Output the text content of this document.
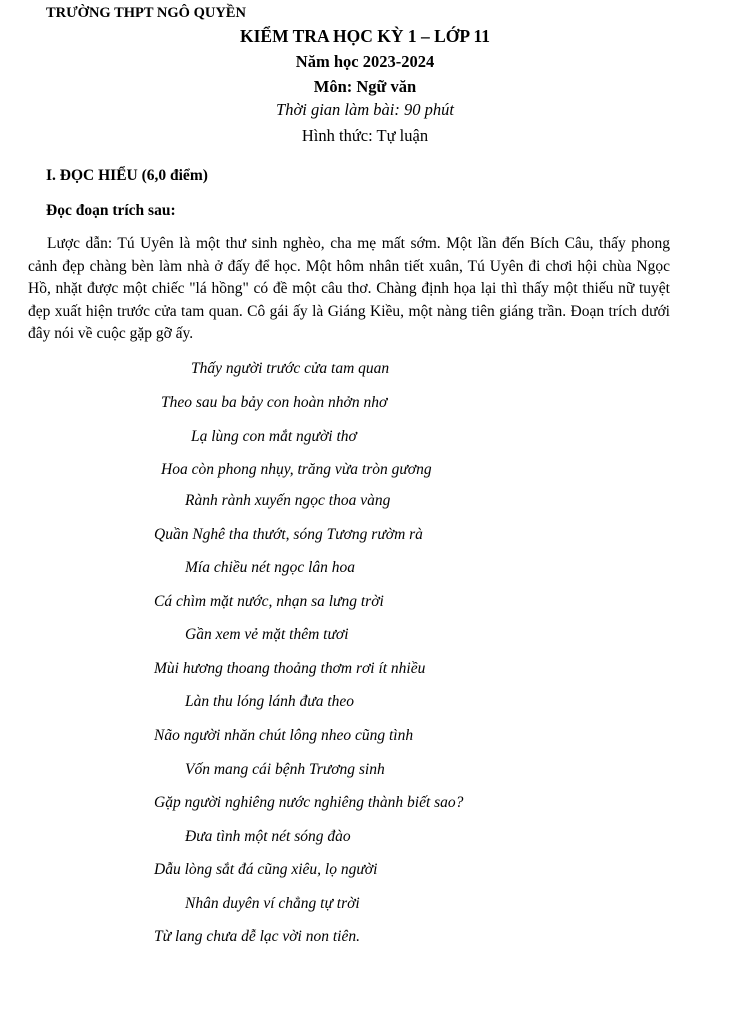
TRƯỜNG THPT NGÔ QUYỀN
KIỂM TRA HỌC KỲ 1 – LỚP 11
Năm học 2023-2024
Môn: Ngữ văn
Thời gian làm bài: 90 phút
Hình thức: Tự luận
I. ĐỌC HIỂU (6,0 điểm)
Đọc đoạn trích sau:
Lược dẫn: Tú Uyên là một thư sinh nghèo, cha mẹ mất sớm. Một lần đến Bích Câu, thấy phong cảnh đẹp chàng bèn làm nhà ở đấy để học. Một hôm nhân tiết xuân, Tú Uyên đi chơi hội chùa Ngọc Hồ, nhặt được một chiếc "lá hồng" có đề một câu thơ. Chàng định họa lại thì thấy một thiếu nữ tuyệt đẹp xuất hiện trước cửa tam quan. Cô gái ấy là Giáng Kiều, một nàng tiên giáng trần. Đoạn trích dưới đây nói về cuộc gặp gỡ ấy.
Thấy người trước cửa tam quan
Theo sau ba bảy con hoàn nhởn nhơ
Lạ lùng con mắt người thơ
Hoa còn phong nhụy, trăng vừa tròn gương
Rành rành xuyến ngọc thoa vàng
Quần Nghê tha thướt, sóng Tương rườm rà
Mía chiều nét ngọc lân hoa
Cá chìm mặt nước, nhạn sa lưng trời
Gần xem vẻ mặt thêm tươi
Mùi hương thoang thoảng thơm rơi ít nhiều
Làn thu lóng lánh đưa theo
Não người nhăn chút lông nheo cũng tình
Vốn mang cái bệnh Trương sinh
Gặp người nghiêng nước nghiêng thành biết sao?
Đưa tình một nét sóng đào
Dẫu lòng sắt đá cũng xiêu, lọ người
Nhân duyên ví chẳng tự trời
Từ lang chưa dễ lạc vời non tiên.
